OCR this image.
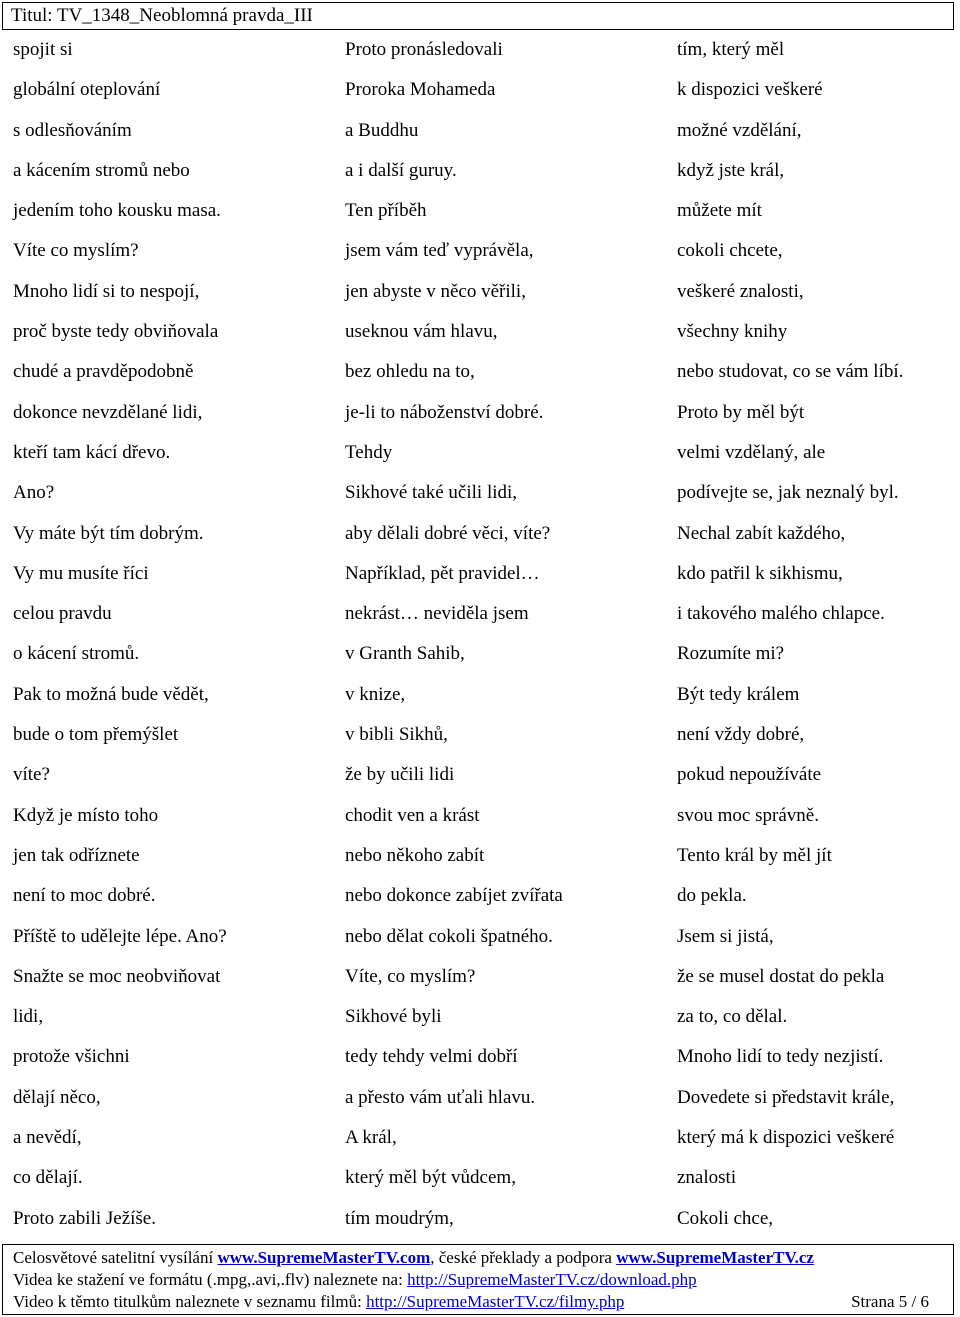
Titul: TV_1348_Neoblomná pravda_III
spojit si
globální oteplování
s odlesňováním
a kácením stromů nebo
jedením toho kousku masa.
Víte co myslím?
Mnoho lidí si to nespojí,
proč byste tedy obviňovala
chudé a pravděpodobně
dokonce nevzdělané lidi,
kteří tam kácí dřevo.
Ano?
Vy máte být tím dobrým.
Vy mu musíte říci
celou pravdu
o kácení stromů.
Pak to možná bude vědět,
bude o tom přemýšlet
víte?
Když je místo toho
jen tak odříznete
není to moc dobré.
Příště to udělejte lépe. Ano?
Snažte se moc neobviňovat
lidi,
protože všichni
dělají něco,
a nevědí,
co dělají.
Proto zabili Ježíše.
Proto pronásledovali
Proroka Mohameda
a Buddhu
a i další guruy.
Ten příběh
jsem vám teď vyprávěla,
jen abyste v něco věřili,
useknou vám hlavu,
bez ohledu na to,
je-li to náboženství dobré.
Tehdy
Sikhové také učili lidi,
aby dělali dobré věci, víte?
Například, pět pravidel…
nekrást… neviděla jsem
v Granth Sahib,
v knize,
v bibli Sikhů,
že by učili lidi
chodit ven a krást
nebo někoho zabít
nebo dokonce zabíjet zvířata
nebo dělat cokoli špatného.
Víte, co myslím?
Sikhové byli
tedy tehdy velmi dobří
a přesto vám uťali hlavu.
A král,
který měl být vůdcem,
tím moudrým,
tím, který měl
k dispozici veškeré
možné vzdělání,
když jste král,
můžete mít
cokoli chcete,
veškeré znalosti,
všechny knihy
nebo studovat, co se vám líbí.
Proto by měl být
velmi vzdělaný, ale
podívejte se, jak neznalý byl.
Nechal zabít každého,
kdo patřil k sikhismu,
i takového malého chlapce.
Rozumíte mi?
Být tedy králem
není vždy dobré,
pokud nepoužíváte
svou moc správně.
Tento král by měl jít
do pekla.
Jsem si jistá,
že se musel dostat do pekla
za to, co dělal.
Mnoho lidí to tedy nezjistí.
Dovedete si představit krále,
který má k dispozici veškeré
znalosti
Cokoli chce,
Celosvětové satelitní vysílání www.SupremeMasterTV.com, české překlady a podpora www.SupremeMasterTV.cz
Videa ke stažení ve formátu (.mpg,.avi,.flv) naleznete na: http://SupremeMasterTV.cz/download.php
Video k těmto titulkům naleznete v seznamu filmů: http://SupremeMasterTV.cz/filmy.php	Strana 5 / 6
